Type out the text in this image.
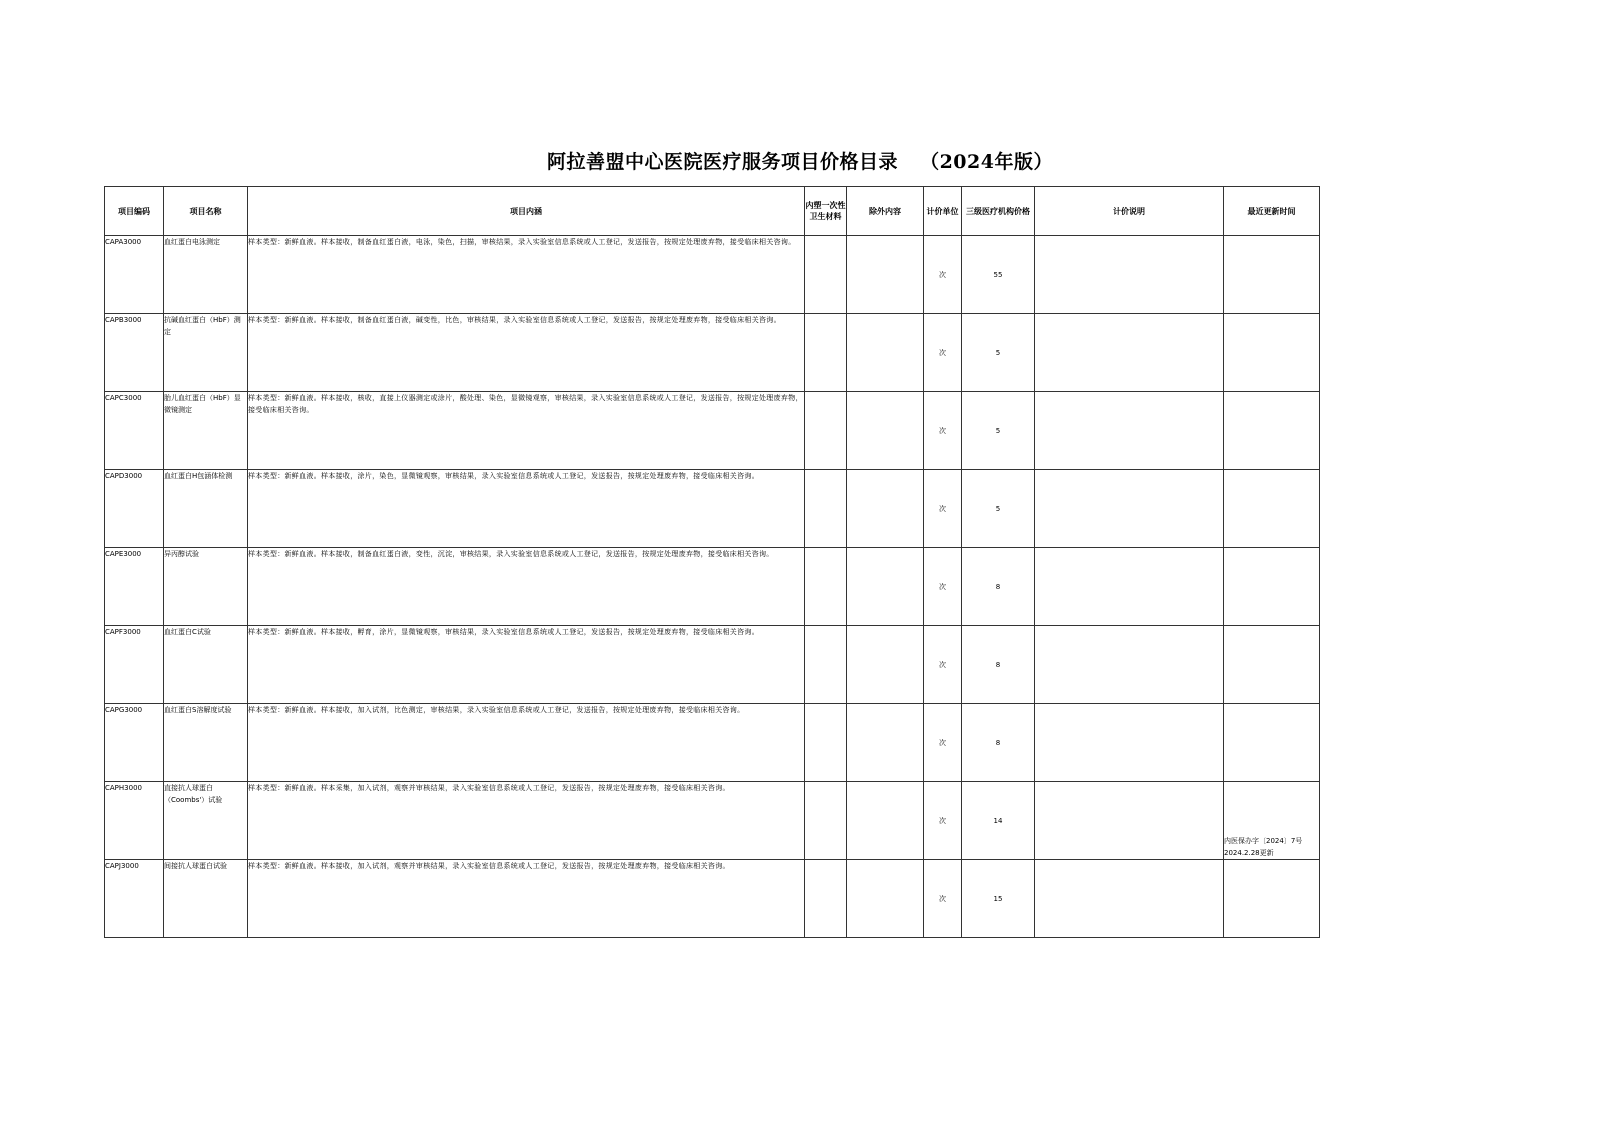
阿拉善盟中心医院医疗服务项目价格目录 （2024年版）
项目编码	项目名称	项目内涵	内塑一次性卫生材料	除外内容	计价单位	三级医疗机构价格	计价说明	最近更新时间
CAPA3000	血红蛋白电泳测定	样本类型：新鲜血液。样本接收，制备血红蛋白液，电泳，染色，扫描，审核结果，录入实验室信息系统或人工登记，发送报告，按规定处理废弃物，接受临床相关咨询。			次	55		
CAPB3000	抗碱血红蛋白（HbF）测定	样本类型：新鲜血液。样本接收，制备血红蛋白液，碱变性，比色，审核结果，录入实验室信息系统或人工登记，发送报告，按规定处理废弃物，接受临床相关咨询。			次	5		
CAPC3000	胎儿血红蛋白（HbF）显微镜测定	样本类型：新鲜血液。样本接收，核收，直接上仪器测定或涂片，酸处理、染色，显微镜观察，审核结果，录入实验室信息系统或人工登记，发送报告，按规定处理废弃物，接受临床相关咨询。			次	5		
CAPD3000	血红蛋白H包涵体检测	样本类型：新鲜血液。样本接收，涂片，染色，显微镜观察，审核结果，录入实验室信息系统或人工登记，发送报告，按规定处理废弃物，接受临床相关咨询。			次	5		
CAPE3000	异丙醇试验	样本类型：新鲜血液。样本接收，制备血红蛋白液，变性，沉淀，审核结果，录入实验室信息系统或人工登记，发送报告，按规定处理废弃物，接受临床相关咨询。			次	8		
CAPF3000	血红蛋白C试验	样本类型：新鲜血液。样本接收，孵育，涂片，显微镜观察，审核结果，录入实验室信息系统或人工登记，发送报告，按规定处理废弃物，接受临床相关咨询。			次	8		
CAPG3000	血红蛋白S溶解度试验	样本类型：新鲜血液。样本接收，加入试剂，比色测定，审核结果，录入实验室信息系统或人工登记，发送报告，按规定处理废弃物，接受临床相关咨询。			次	8		
CAPH3000	直接抗人球蛋白（Coombs'）试验	样本类型：新鲜血液。样本采集，加入试剂，观察并审核结果，录入实验室信息系统或人工登记，发送报告，按规定处理废弃物，接受临床相关咨询。			次	14		内医保办字〔2024〕7号 2024.2.28更新
CAPJ3000	间接抗人球蛋白试验	样本类型：新鲜血液。样本接收，加入试剂，观察并审核结果，录入实验室信息系统或人工登记，发送报告，按规定处理废弃物，接受临床相关咨询。			次	15		
